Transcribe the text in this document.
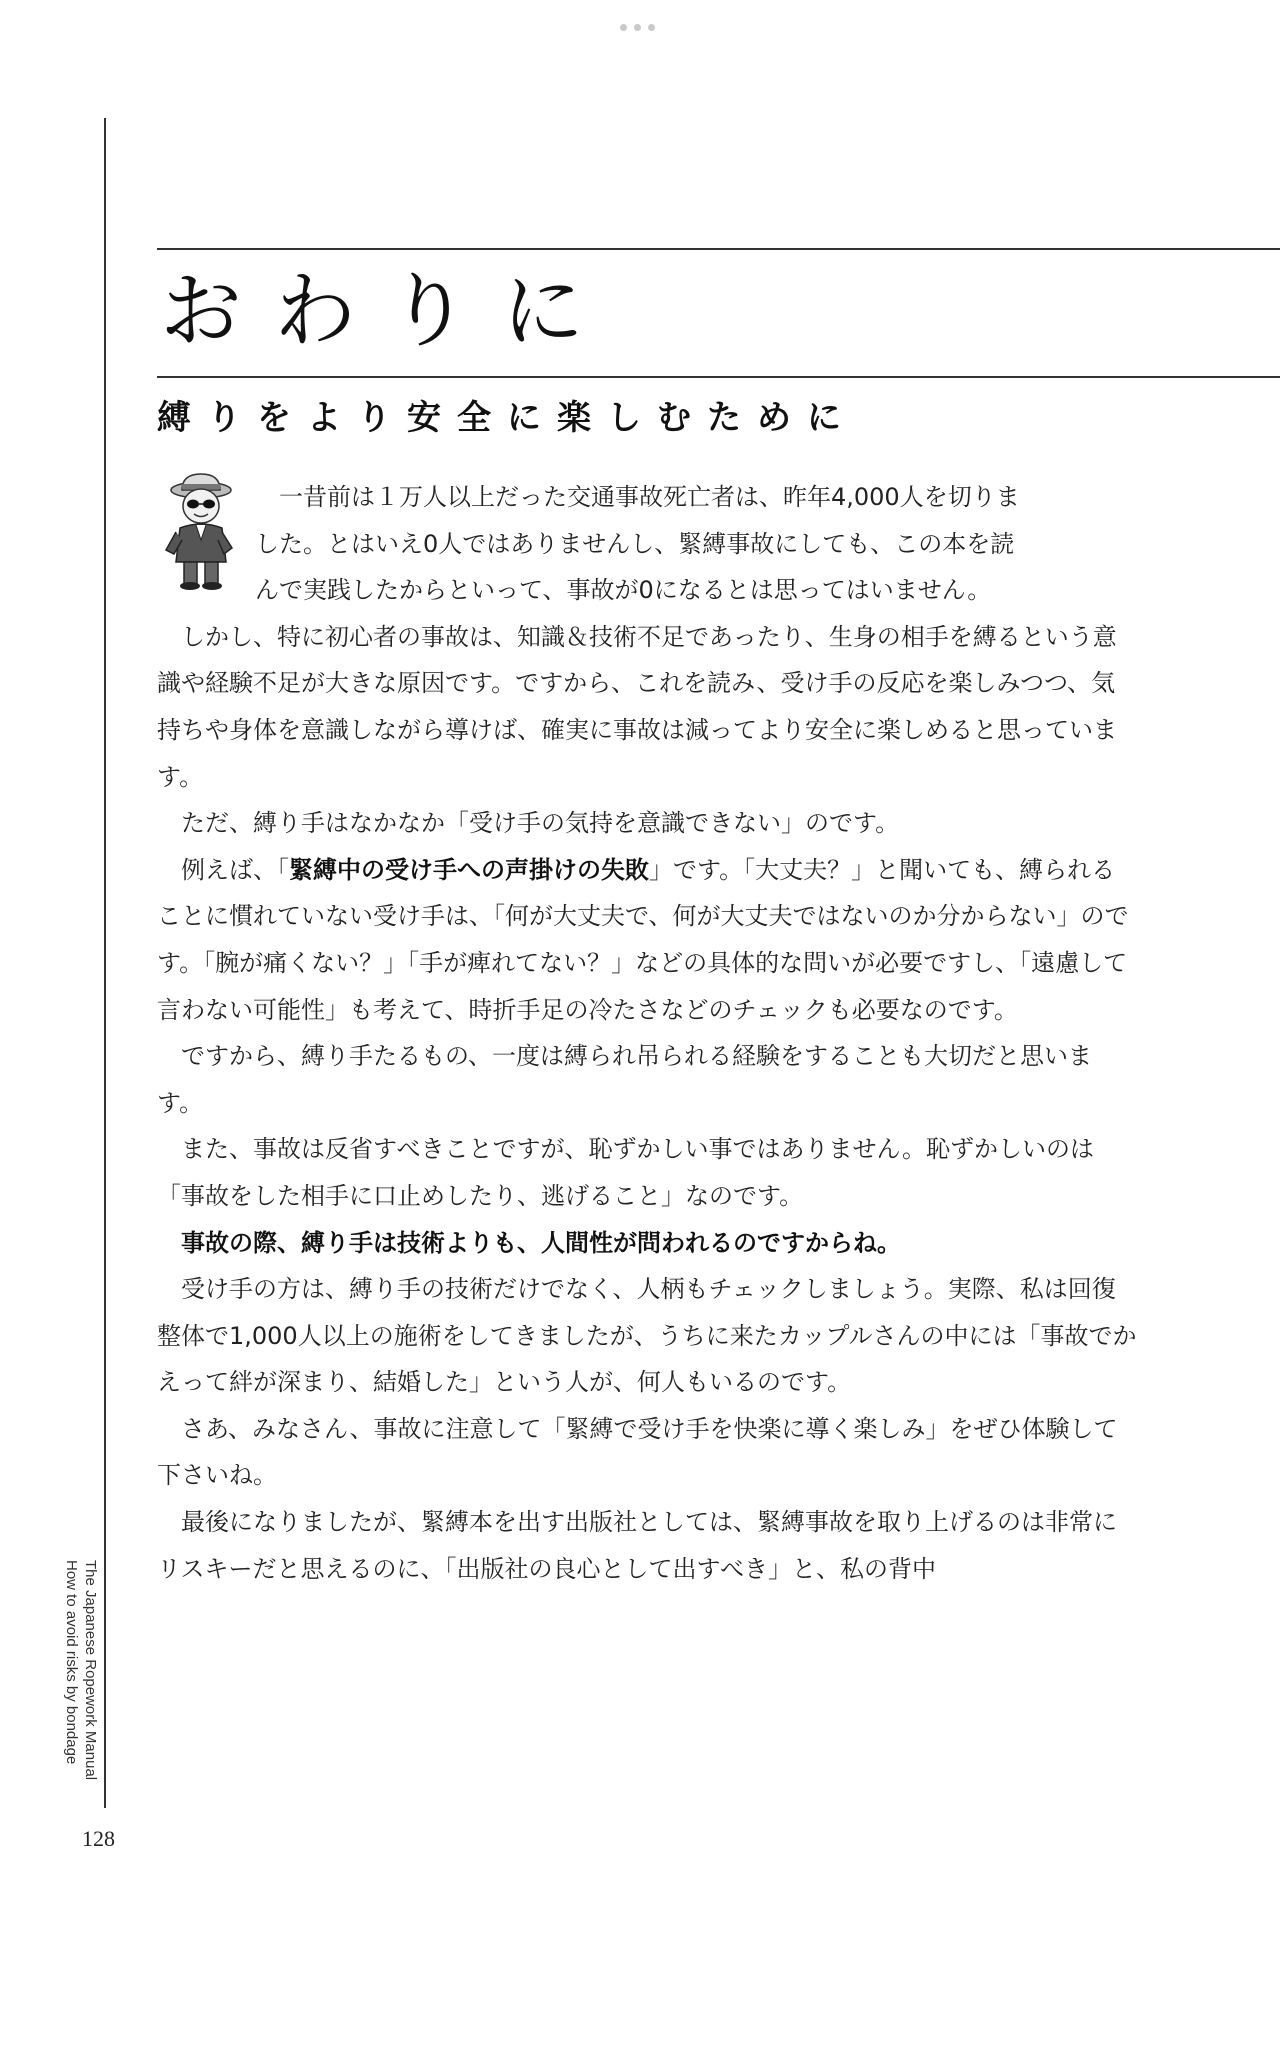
The Japanese Ropework Manual
How to avoid risks by bondage
128
おわりに
縛りをより安全に楽しむために

一昔前は１万人以上だった交通事故死亡者は、昨年4,000人を切りま

した。とはいえ0人ではありませんし、緊縛事故にしても、この本を読

んで実践したからといって、事故が0になるとは思ってはいません。

しかし、特に初心者の事故は、知識＆技術不足であったり、生身の相手を縛るという意識や経験不足が大きな原因です。ですから、これを読み、受け手の反応を楽しみつつ、気持ちや身体を意識しながら導けば、確実に事故は減ってより安全に楽しめると思っています。

ただ、縛り手はなかなか「受け手の気持を意識できない」のです。

例えば、「緊縛中の受け手への声掛けの失敗」です。「大丈夫？」と聞いても、縛られることに慣れていない受け手は、「何が大丈夫で、何が大丈夫ではないのか分からない」のです。「腕が痛くない？」「手が痺れてない？」などの具体的な問いが必要ですし、「遠慮して言わない可能性」も考えて、時折手足の冷たさなどのチェックも必要なのです。

ですから、縛り手たるもの、一度は縛られ吊られる経験をすることも大切だと思います。

また、事故は反省すべきことですが、恥ずかしい事ではありません。恥ずかしいのは「事故をした相手に口止めしたり、逃げること」なのです。

事故の際、縛り手は技術よりも、人間性が問われるのですからね。

受け手の方は、縛り手の技術だけでなく、人柄もチェックしましょう。実際、私は回復整体で1,000人以上の施術をしてきましたが、うちに来たカップルさんの中には「事故でかえって絆が深まり、結婚した」という人が、何人もいるのです。

さあ、みなさん、事故に注意して「緊縛で受け手を快楽に導く楽しみ」をぜひ体験して下さいね。

最後になりましたが、緊縛本を出す出版社としては、緊縛事故を取り上げるのは非常にリスキーだと思えるのに、「出版社の良心として出すべき」と、私の背中
